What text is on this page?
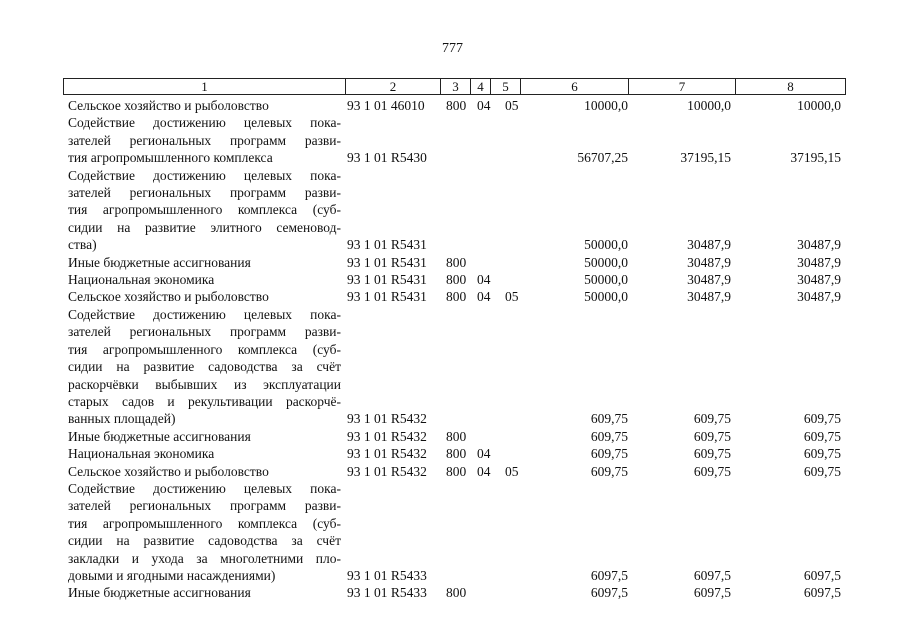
777
1	2	3	4	5	6	7	8
Сельское хозяйство и рыболовство	93 1 01 46010 800 04 05	10000,0	10000,0	10000,0
Содействие достижению целевых пока-
зателей региональных программ разви-
тия агропромышленного комплекса	93 1 01 R5430	56707,25	37195,15	37195,15
Содействие достижению целевых пока-
зателей региональных программ разви-
тия агропромышленного комплекса (суб-
сидии на развитие элитного семеновод-
ства)	93 1 01 R5431	50000,0	30487,9	30487,9
Иные бюджетные ассигнования	93 1 01 R5431 800	50000,0	30487,9	30487,9
Национальная экономика	93 1 01 R5431 800 04	50000,0	30487,9	30487,9
Сельское хозяйство и рыболовство	93 1 01 R5431 800 04 05	50000,0	30487,9	30487,9
Содействие достижению целевых пока-
зателей региональных программ разви-
тия агропромышленного комплекса (суб-
сидии на развитие садоводства за счёт
раскорчёвки выбывших из эксплуатации
старых садов и рекультивации раскорчё-
ванных площадей)	93 1 01 R5432	609,75	609,75	609,75
Иные бюджетные ассигнования	93 1 01 R5432 800	609,75	609,75	609,75
Национальная экономика	93 1 01 R5432 800 04	609,75	609,75	609,75
Сельское хозяйство и рыболовство	93 1 01 R5432 800 04 05	609,75	609,75	609,75
Содействие достижению целевых пока-
зателей региональных программ разви-
тия агропромышленного комплекса (суб-
сидии на развитие садоводства за счёт
закладки и ухода за многолетними пло-
довыми и ягодными насаждениями)	93 1 01 R5433	6097,5	6097,5	6097,5
Иные бюджетные ассигнования	93 1 01 R5433 800	6097,5	6097,5	6097,5
